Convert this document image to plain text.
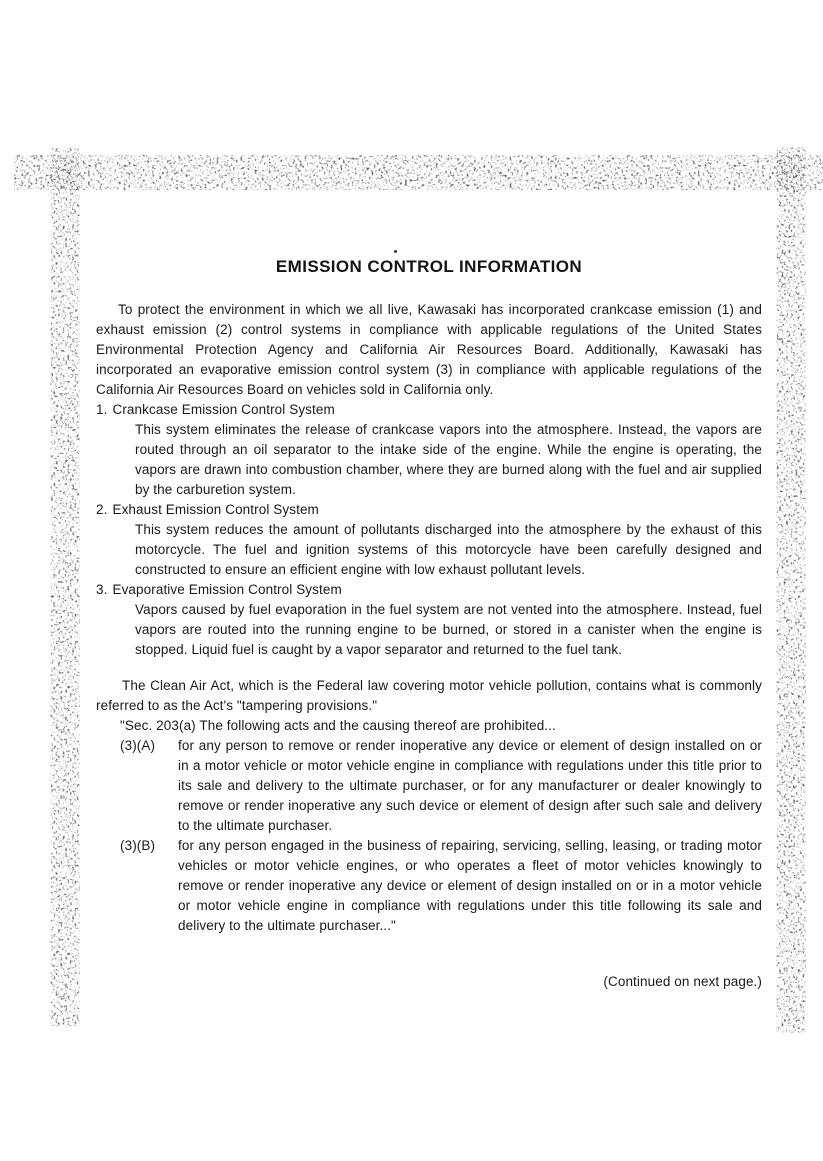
EMISSION CONTROL INFORMATION

To protect the environment in which we all live, Kawasaki has incorporated crankcase emission (1) and exhaust emission (2) control systems in compliance with applicable regulations of the United States Environmental Protection Agency and California Air Resources Board. Additionally, Kawasaki has incorporated an evaporative emission control system (3) in compliance with applicable regulations of the California Air Resources Board on vehicles sold in California only.

1. Crankcase Emission Control System

This system eliminates the release of crankcase vapors into the atmosphere. Instead, the vapors are routed through an oil separator to the intake side of the engine. While the engine is operating, the vapors are drawn into combustion chamber, where they are burned along with the fuel and air supplied by the carburetion system.

2. Exhaust Emission Control System

This system reduces the amount of pollutants discharged into the atmosphere by the exhaust of this motorcycle. The fuel and ignition systems of this motorcycle have been carefully designed and constructed to ensure an efficient engine with low exhaust pollutant levels.

3. Evaporative Emission Control System

Vapors caused by fuel evaporation in the fuel system are not vented into the atmosphere. Instead, fuel vapors are routed into the running engine to be burned, or stored in a canister when the engine is stopped. Liquid fuel is caught by a vapor separator and returned to the fuel tank.

The Clean Air Act, which is the Federal law covering motor vehicle pollution, contains what is commonly referred to as the Act's "tampering provisions."

"Sec. 203(a) The following acts and the causing thereof are prohibited...
(3)(A)	for any person to remove or render inoperative any device or element of design installed on or in a motor vehicle or motor vehicle engine in compliance with regulations under this title prior to its sale and delivery to the ultimate purchaser, or for any manufacturer or dealer knowingly to remove or render inoperative any such device or element of design after such sale and delivery to the ultimate purchaser.

(3)(B)	for any person engaged in the business of repairing, servicing, selling, leasing, or trading motor vehicles or motor vehicle engines, or who operates a fleet of motor vehicles knowingly to remove or render inoperative any device or element of design installed on or in a motor vehicle or motor vehicle engine in compliance with regulations under this title following its sale and delivery to the ultimate purchaser..."

(Continued on next page.)
